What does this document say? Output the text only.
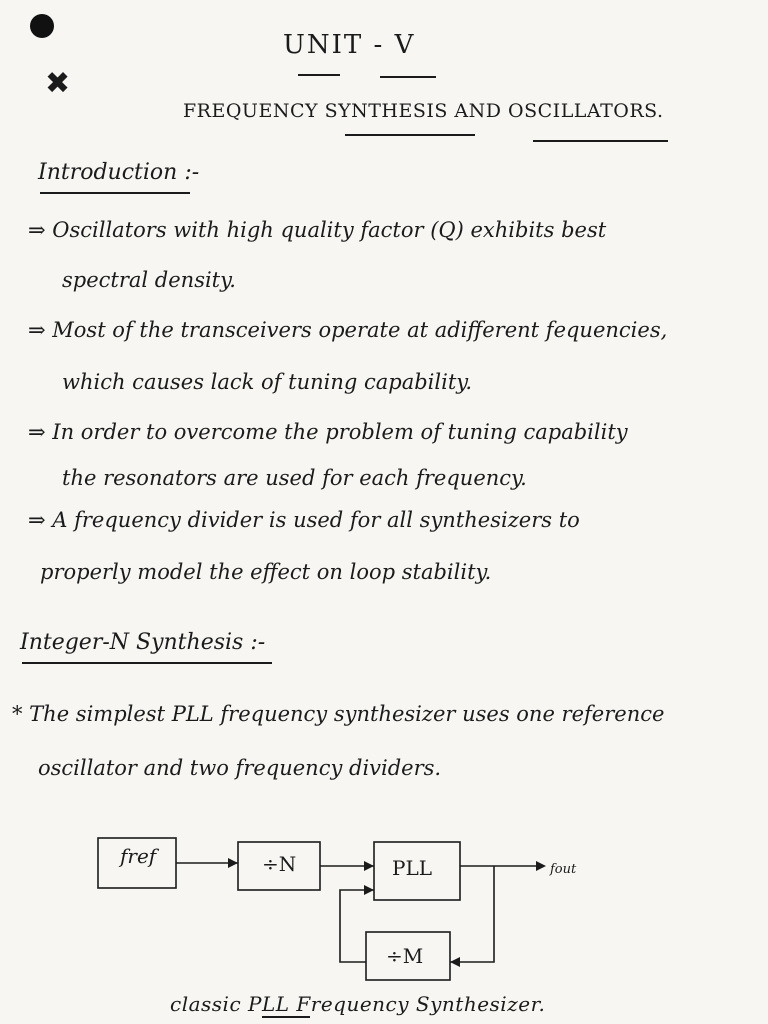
✖
UNIT - V
FREQUENCY SYNTHESIS AND OSCILLATORS.
Introduction :-
⇒ Oscillators with high quality factor (Q) exhibits best
spectral density.
⇒ Most of the transceivers operate at adifferent fequencies,
which causes lack of tuning capability.
⇒ In order to overcome the problem of tuning capability
the resonators are used for each frequency.
⇒ A frequency divider is used for all synthesizers to
properly model the effect on loop stability.
Integer-N Synthesis :-
* The simplest PLL frequency synthesizer uses one reference
oscillator and two frequency dividers.
fref	÷N	PLL
÷M
fout
classic PLL Frequency Synthesizer.
